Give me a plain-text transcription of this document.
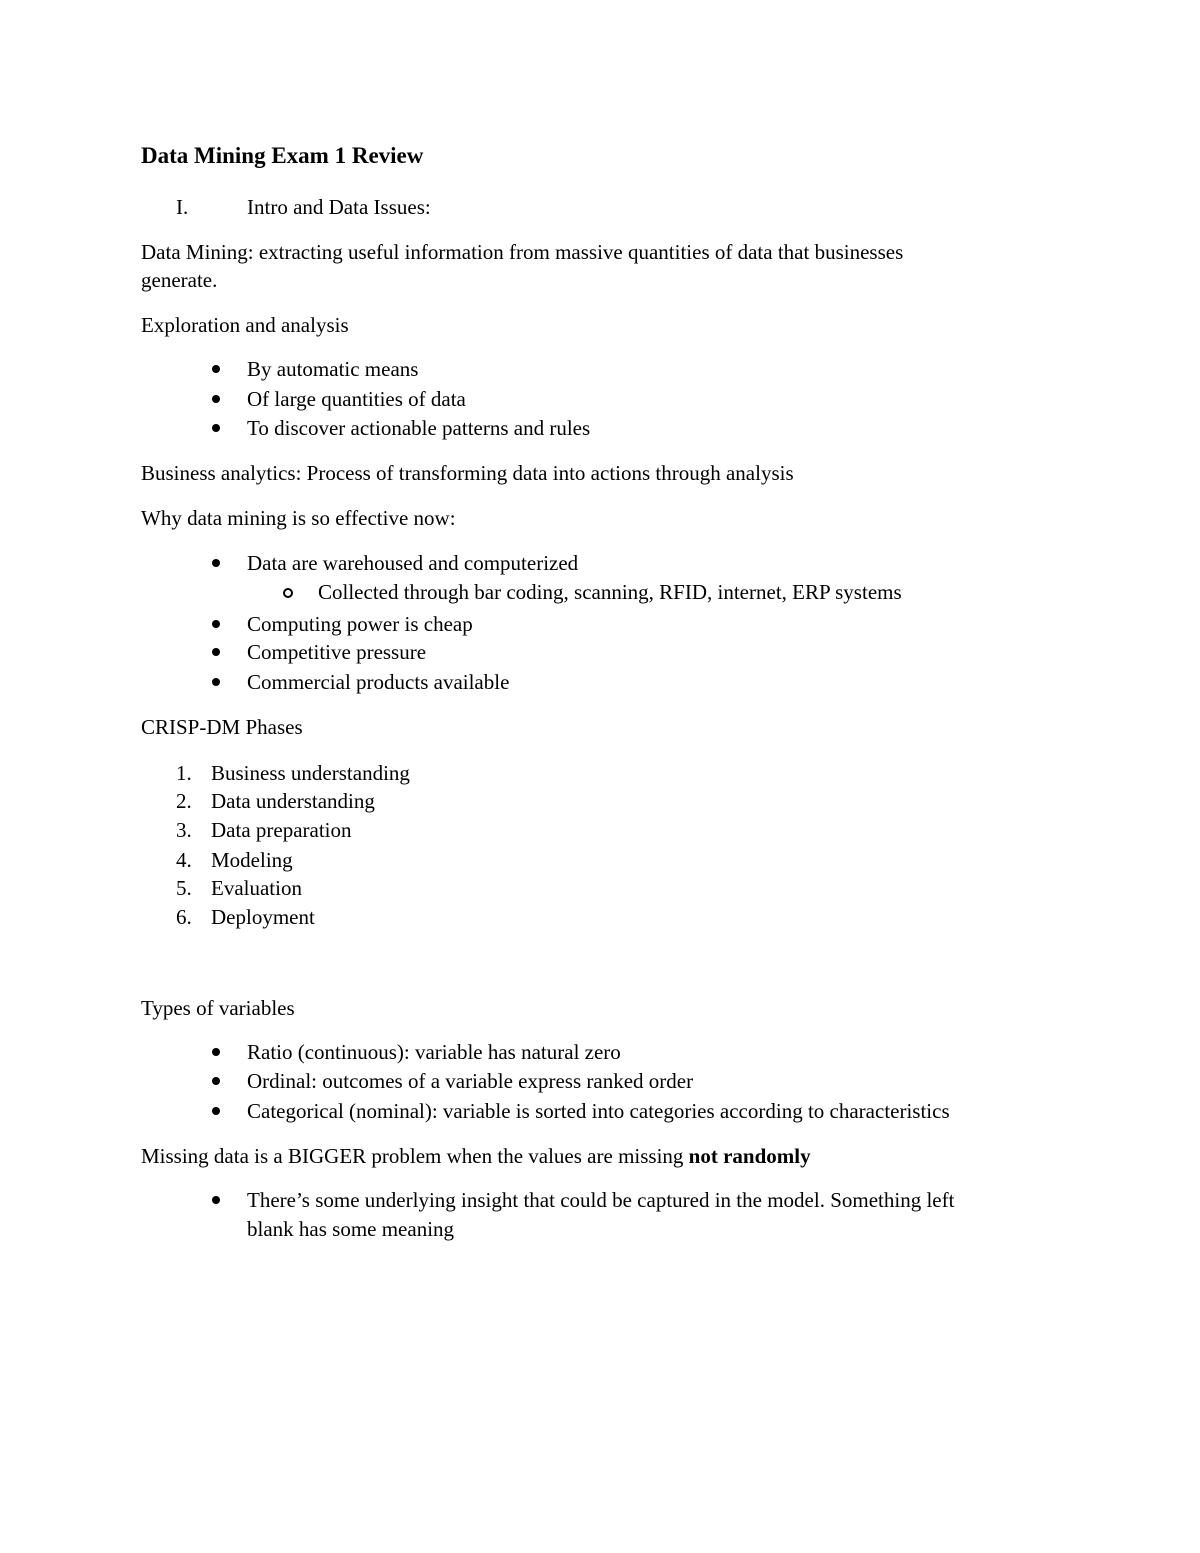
Data Mining Exam 1 Review
I.	Intro and Data Issues:
Data Mining: extracting useful information from massive quantities of data that businesses
generate.
Exploration and analysis
By automatic means
Of large quantities of data
To discover actionable patterns and rules
Business analytics: Process of transforming data into actions through analysis
Why data mining is so effective now:
Data are warehoused and computerized
Collected through bar coding, scanning, RFID, internet, ERP systems
Computing power is cheap
Competitive pressure
Commercial products available
CRISP-DM Phases
1. Business understanding
2. Data understanding
3. Data preparation
4. Modeling
5. Evaluation
6. Deployment
Types of variables
Ratio (continuous): variable has natural zero
Ordinal: outcomes of a variable express ranked order
Categorical (nominal): variable is sorted into categories according to characteristics
Missing data is a BIGGER problem when the values are missing not randomly
There’s some underlying insight that could be captured in the model. Something left
blank has some meaning
